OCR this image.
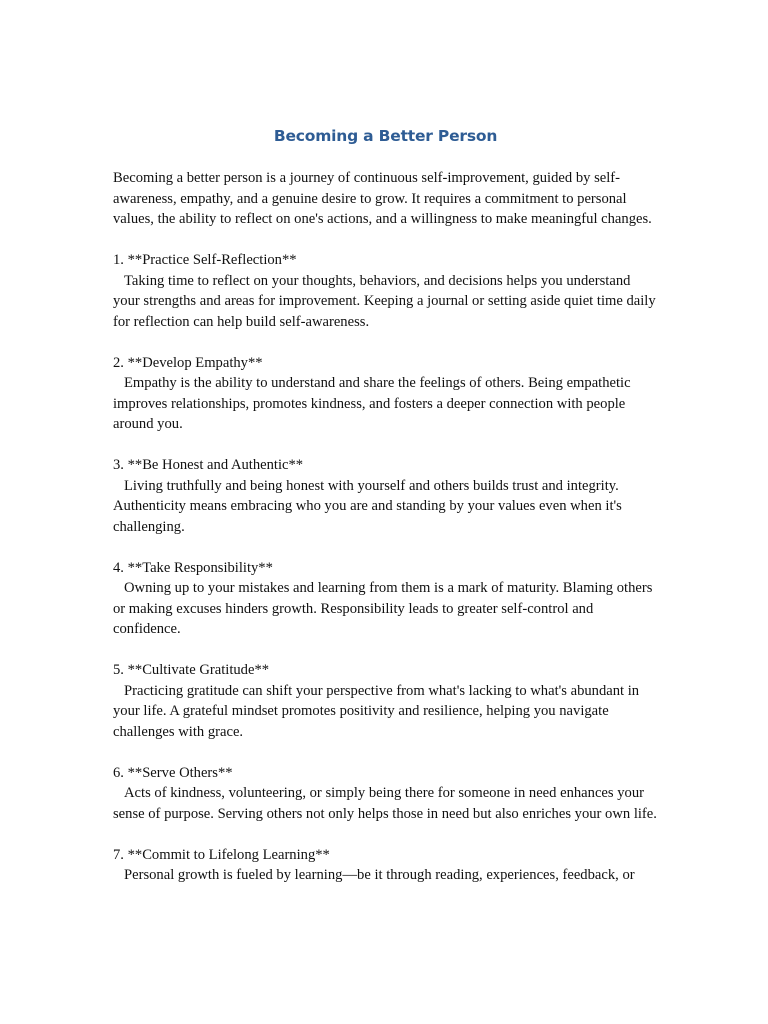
Becoming a Better Person

Becoming a better person is a journey of continuous self-improvement, guided by self-awareness, empathy, and a genuine desire to grow. It requires a commitment to personal values, the ability to reflect on one's actions, and a willingness to make meaningful changes.

1. **Practice Self-Reflection**

Taking time to reflect on your thoughts, behaviors, and decisions helps you understand your strengths and areas for improvement. Keeping a journal or setting aside quiet time daily for reflection can help build self-awareness.

2. **Develop Empathy**

Empathy is the ability to understand and share the feelings of others. Being empathetic improves relationships, promotes kindness, and fosters a deeper connection with people around you.

3. **Be Honest and Authentic**

Living truthfully and being honest with yourself and others builds trust and integrity. Authenticity means embracing who you are and standing by your values even when it's challenging.

4. **Take Responsibility**

Owning up to your mistakes and learning from them is a mark of maturity. Blaming others or making excuses hinders growth. Responsibility leads to greater self-control and confidence.

5. **Cultivate Gratitude**

Practicing gratitude can shift your perspective from what's lacking to what's abundant in your life. A grateful mindset promotes positivity and resilience, helping you navigate challenges with grace.

6. **Serve Others**

Acts of kindness, volunteering, or simply being there for someone in need enhances your sense of purpose. Serving others not only helps those in need but also enriches your own life.

7. **Commit to Lifelong Learning**

Personal growth is fueled by learning—be it through reading, experiences, feedback, or
